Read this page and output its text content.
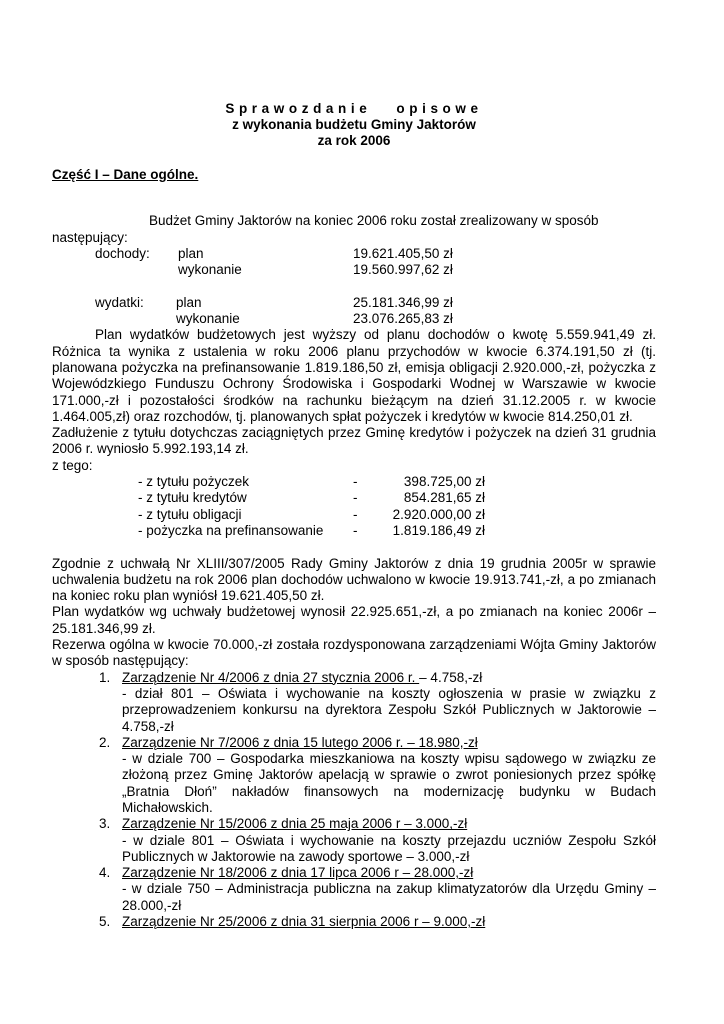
Sprawozdanie opisowe
z wykonania budżetu Gminy Jaktorów
za rok 2006
Część I – Dane ogólne.
Budżet Gminy Jaktorów na koniec 2006 roku został zrealizowany w sposób
następujący:
dochody: plan	19.621.405,50 zł
wykonanie	19.560.997,62 zł
wydatki: plan	25.181.346,99 zł
wykonanie	23.076.265,83 zł
Plan wydatków budżetowych jest wyższy od planu dochodów o kwotę 5.559.941,49 zł. Różnica ta wynika z ustalenia w roku 2006 planu przychodów w kwocie 6.374.191,50 zł (tj. planowana pożyczka na prefinansowanie 1.819.186,50 zł, emisja obligacji 2.920.000,-zł, pożyczka z Wojewódzkiego Funduszu Ochrony Środowiska i Gospodarki Wodnej w Warszawie w kwocie 171.000,-zł i pozostałości środków na rachunku bieżącym na dzień 31.12.2005 r. w kwocie 1.464.005,zł) oraz rozchodów, tj. planowanych spłat pożyczek i kredytów w kwocie 814.250,01 zł.
Zadłużenie z tytułu dotychczas zaciągniętych przez Gminę kredytów i pożyczek na dzień 31 grudnia 2006 r. wyniosło 5.992.193,14 zł.
z tego:
- z tytułu pożyczek	-	398.725,00 zł
- z tytułu kredytów	-	854.281,65 zł
- z tytułu obligacji	-	2.920.000,00 zł
- pożyczka na prefinansowanie -	1.819.186,49 zł
Zgodnie z uchwałą Nr XLIII/307/2005 Rady Gminy Jaktorów z dnia 19 grudnia 2005r w sprawie uchwalenia budżetu na rok 2006 plan dochodów uchwalono w kwocie 19.913.741,-zł, a po zmianach na koniec roku plan wyniósł 19.621.405,50 zł.
Plan wydatków wg uchwały budżetowej wynosił 22.925.651,-zł, a po zmianach na koniec 2006r – 25.181.346,99 zł.
Rezerwa ogólna w kwocie 70.000,-zł została rozdysponowana zarządzeniami Wójta Gminy Jaktorów w sposób następujący:
1. Zarządzenie Nr 4/2006 z dnia 27 stycznia 2006 r. – 4.758,-zł
- dział 801 – Oświata i wychowanie na koszty ogłoszenia w prasie w związku z przeprowadzeniem konkursu na dyrektora Zespołu Szkół Publicznych w Jaktorowie – 4.758,-zł
2. Zarządzenie Nr 7/2006 z dnia 15 lutego 2006 r. – 18.980,-zł
- w dziale 700 – Gospodarka mieszkaniowa na koszty wpisu sądowego w związku ze złożoną przez Gminę Jaktorów apelacją w sprawie o zwrot poniesionych przez spółkę „Bratnia Dłoń” nakładów finansowych na modernizację budynku w Budach Michałowskich.
3. Zarządzenie Nr 15/2006 z dnia 25 maja 2006 r – 3.000,-zł
- w dziale 801 – Oświata i wychowanie na koszty przejazdu uczniów Zespołu Szkół Publicznych w Jaktorowie na zawody sportowe – 3.000,-zł
4. Zarządzenie Nr 18/2006 z dnia 17 lipca 2006 r – 28.000,-zł
- w dziale 750 – Administracja publiczna na zakup klimatyzatorów dla Urzędu Gminy – 28.000,-zł
5. Zarządzenie Nr 25/2006 z dnia 31 sierpnia 2006 r – 9.000,-zł
